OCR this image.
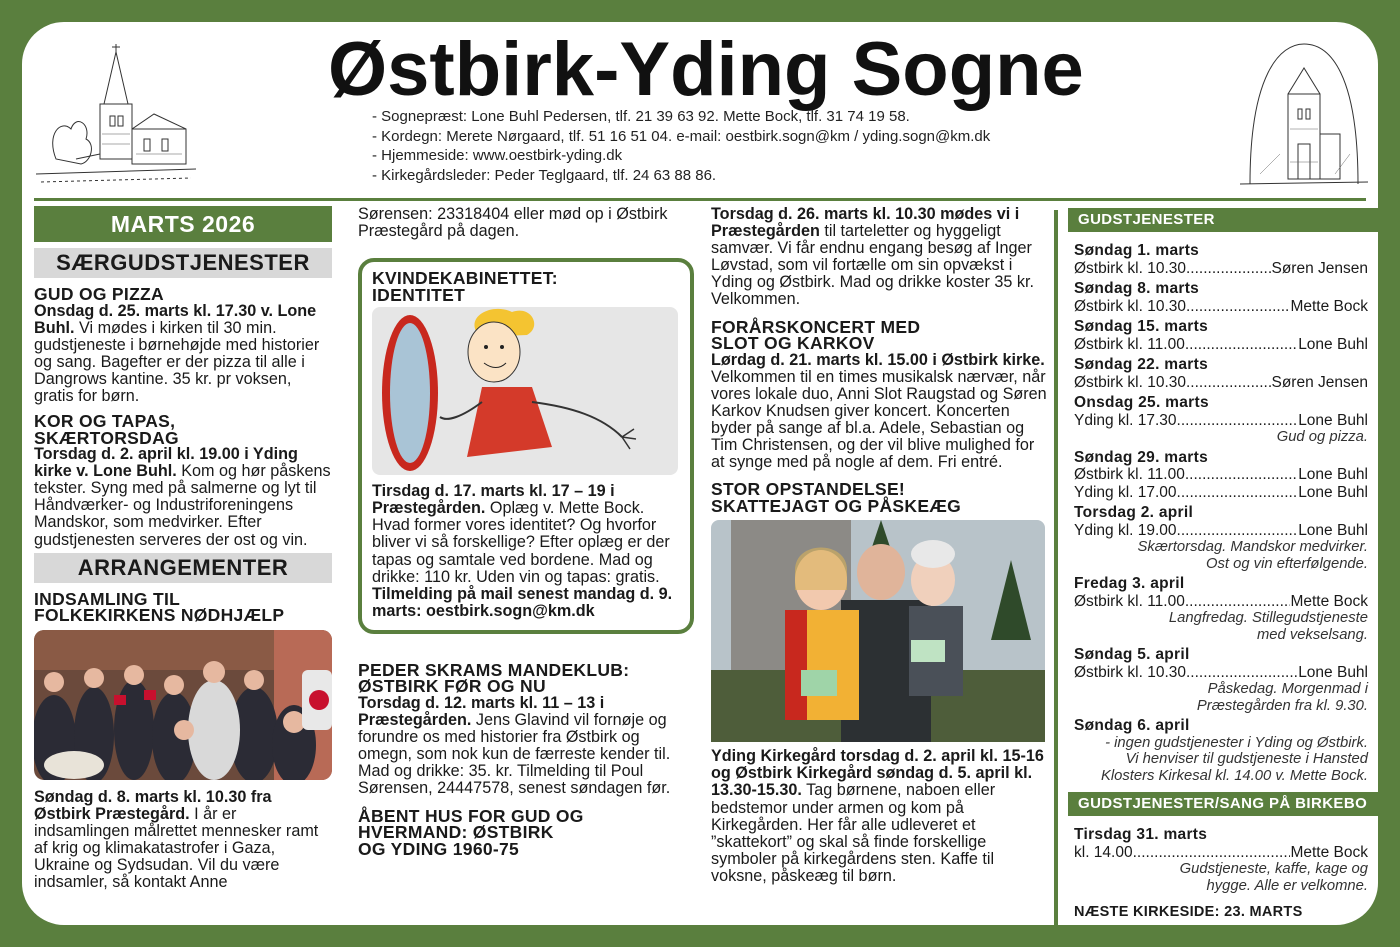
Østbirk-Yding Sogne
- Sognepræst: Lone Buhl Pedersen, tlf. 21 39 63 92. Mette Bock, tlf. 31 74 19 58.
- Kordegn: Merete Nørgaard, tlf. 51 16 51 04. e-mail: oestbirk.sogn@km / yding.sogn@km.dk
- Hjemmeside: www.oestbirk-yding.dk
- Kirkegårdsleder: Peder Teglgaard, tlf. 24 63 88 86.
MARTS 2026
SÆRGUDSTJENESTER
GUD OG PIZZA
Onsdag d. 25. marts kl. 17.30 v. Lone Buhl. Vi mødes i kirken til 30 min. gudstjeneste i børnehøjde med historier og sang. Bagefter er der pizza til alle i Dangrows kantine. 35 kr. pr voksen, gratis for børn.
KOR OG TAPAS,
SKÆRTORSDAG
Torsdag d. 2. april kl. 19.00 i Yding kirke v. Lone Buhl. Kom og hør påskens tekster. Syng med på salmerne og lyt til Håndværker- og Industriforeningens Mandskor, som medvirker. Efter gudstjenesten serveres der ost og vin.
ARRANGEMENTER
INDSAMLING TIL
FOLKEKIRKENS NØDHJÆLP
Søndag d. 8. marts kl. 10.30 fra Østbirk Præstegård. I år er indsamlingen målrettet mennesker ramt af krig og klimakatastrofer i Gaza, Ukraine og Sydsudan. Vil du være indsamler, så kontakt Anne
Sørensen: 23318404 eller mød op i Østbirk Præstegård på dagen.
KVINDEKABINETTET:
IDENTITET
Tirsdag d. 17. marts kl. 17 – 19 i Præstegården. Oplæg v. Mette Bock. Hvad former vores identitet? Og hvorfor bliver vi så forskellige? Efter oplæg er der tapas og samtale ved bordene. Mad og drikke: 110 kr. Uden vin og tapas: gratis. Tilmelding på mail senest mandag d. 9. marts: oestbirk.sogn@km.dk
PEDER SKRAMS MANDEKLUB:
ØSTBIRK FØR OG NU
Torsdag d. 12. marts kl. 11 – 13 i Præstegården. Jens Glavind vil fornøje og forundre os med historier fra Østbirk og omegn, som nok kun de færreste kender til. Mad og drikke: 35. kr. Tilmelding til Poul Sørensen, 24447578, senest søndagen før.
ÅBENT HUS FOR GUD OG
HVERMAND: ØSTBIRK
OG YDING 1960-75
Torsdag d. 26. marts kl. 10.30 mødes vi i Præstegården til tarteletter og hyggeligt samvær. Vi får endnu engang besøg af Inger Løvstad, som vil fortælle om sin opvækst i Yding og Østbirk. Mad og drikke koster 35 kr. Velkommen.
FORÅRSKONCERT MED
SLOT OG KARKOV
Lørdag d. 21. marts kl. 15.00 i Østbirk kirke. Velkommen til en times musikalsk nærvær, når vores lokale duo, Anni Slot Raugstad og Søren Karkov Knudsen giver koncert. Koncerten byder på sange af bl.a. Adele, Sebastian og Tim Christensen, og der vil blive mulighed for at synge med på nogle af dem. Fri entré.
STOR OPSTANDELSE!
SKATTEJAGT OG PÅSKEÆG
Yding Kirkegård torsdag d. 2. april kl. 15-16 og Østbirk Kirkegård søndag d. 5. april kl. 13.30-15.30. Tag børnene, naboen eller bedstemor under armen og kom på Kirkegården. Her får alle udleveret et ”skattekort” og skal så finde forskellige symboler på kirkegårdens sten. Kaffe til voksne, påskeæg til børn.
GUDSTJENESTER
Søndag 1. marts
Østbirk kl. 10.30 .....	Søren Jensen
Søndag 8. marts
Østbirk kl. 10.30 .....	Mette Bock
Søndag 15. marts
Østbirk kl. 11.00 .....	Lone Buhl
Søndag 22. marts
Østbirk kl. 10.30 .....	Søren Jensen
Onsdag 25. marts
Yding kl. 17.30 .....	Lone Buhl
Gud og pizza.
Søndag 29. marts
Østbirk kl. 11.00 .....	Lone Buhl
Yding kl. 17.00 .....	Lone Buhl
Torsdag 2. april
Yding kl. 19.00 .....	Lone Buhl
Skærtorsdag. Mandskor medvirker.
Ost og vin efterfølgende.
Fredag 3. april
Østbirk kl. 11.00 .....	Mette Bock
Langfredag. Stillegudstjeneste
med vekselsang.
Søndag 5. april
Østbirk kl. 10.30 .....	Lone Buhl
Påskedag. Morgenmad i
Præstegården fra kl. 9.30.
Søndag 6. april
- ingen gudstjenester i Yding og Østbirk.
Vi henviser til gudstjeneste i Hansted
Klosters Kirkesal kl. 14.00 v. Mette Bock.
GUDSTJENESTER/SANG PÅ BIRKEBO
Tirsdag 31. marts
kl. 14.00 .....	Mette Bock
Gudstjeneste, kaffe, kage og
hygge. Alle er velkomne.
NÆSTE KIRKESIDE: 23. MARTS
